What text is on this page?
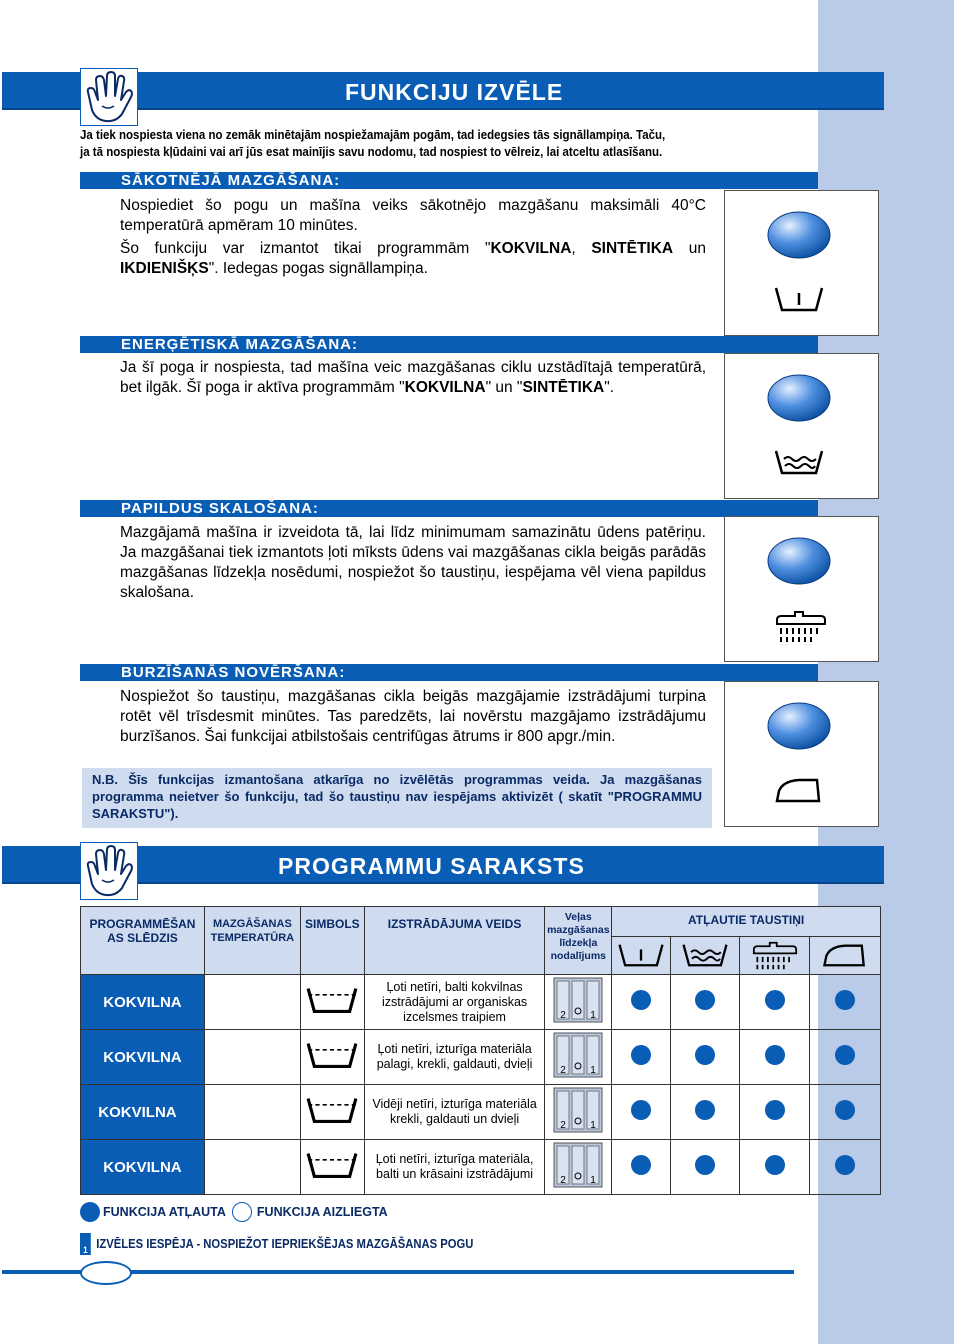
FUNKCIJU IZVĒLE
Ja tiek nospiesta viena no zemāk minētajām nospiežamajām pogām, tad iedegsies tās signāllampiņa. Taču,
ja tā nospiesta kļūdaini vai arī jūs esat mainījis savu nodomu, tad nospiest to vēlreiz, lai atceltu atlasīšanu.
SĀKOTNĒJĀ MAZGĀŠANA:

Nospiediet šo pogu un mašīna veiks sākotnējo mazgāšanu maksimāli 40°C temperatūrā apmēram 10 minūtes.

Šo funkciju var izmantot tikai programmām "KOKVILNA, SINTĒTIKA un IKDIENIŠĶS". Iedegas pogas signāllampiņa.

ENERĢĒTISKĀ MAZGĀŠANA:

Ja šī poga ir nospiesta, tad mašīna veic mazgāšanas ciklu uzstādītajā temperatūrā, bet ilgāk. Šī poga ir aktīva programmām "KOKVILNA" un "SINTĒTIKA".

PAPILDUS SKALOŠANA:

Mazgājamā mašīna ir izveidota tā, lai līdz minimumam samazinātu ūdens patēriņu. Ja mazgāšanai tiek izmantots ļoti mīksts ūdens vai mazgāšanas cikla beigās parādās mazgāšanas līdzekļa nosēdumi, nospiežot šo taustiņu, iespējama vēl viena papildus skalošana.

BURZĪŠANĀS NOVĒRŠANA:

Nospiežot šo taustiņu, mazgāšanas cikla beigās mazgājamie izstrādājumi turpina rotēt vēl trīsdesmit minūtes. Tas paredzēts, lai novērstu mazgājamo izstrādājumu burzīšanos. Šai funkcijai atbilstošais centrifūgas ātrums ir 800 apgr./min.

N.B. Šīs funkcijas izmantošana atkarīga no izvēlētās programmas veida. Ja mazgāšanas programma neietver šo funkciju, tad šo taustiņu nav iespējams aktivizēt ( skatīt "PROGRAMMU SARAKSTU").
PROGRAMMU SARAKSTS
PROGRAMMĒŠAN AS SLĒDZIS	MAZGĀŠANAS TEMPERATŪRA	SIMBOLS	IZSTRĀDĀJUMA VEIDS	Veļas mazgāšanas līdzekļa nodalījums	ATĻAUTIE TAUSTIŅI			

KOKVILNA			Ļoti netīri, balti kokvilnas izstrādājumi ar organiskas izcelsmes traipiem	2 1				

KOKVILNA			Ļoti netīri, izturīga materiāla palagi, krekli, galdauti, dvieļi	2 1				

KOKVILNA			Vidēji netīri, izturīga materiāla krekli, galdauti un dvieļi	2 1				

KOKVILNA			Ļoti netīri, izturīga materiāla, balti un krāsaini izstrādājumi	2 1				

FUNKCIJA ATĻAUTA FUNKCIJA AIZLIEGTA
1 IZVĒLES IESPĒJA - NOSPIEŽOT IEPRIEKŠĒJAS MAZGĀŠANAS POGU
